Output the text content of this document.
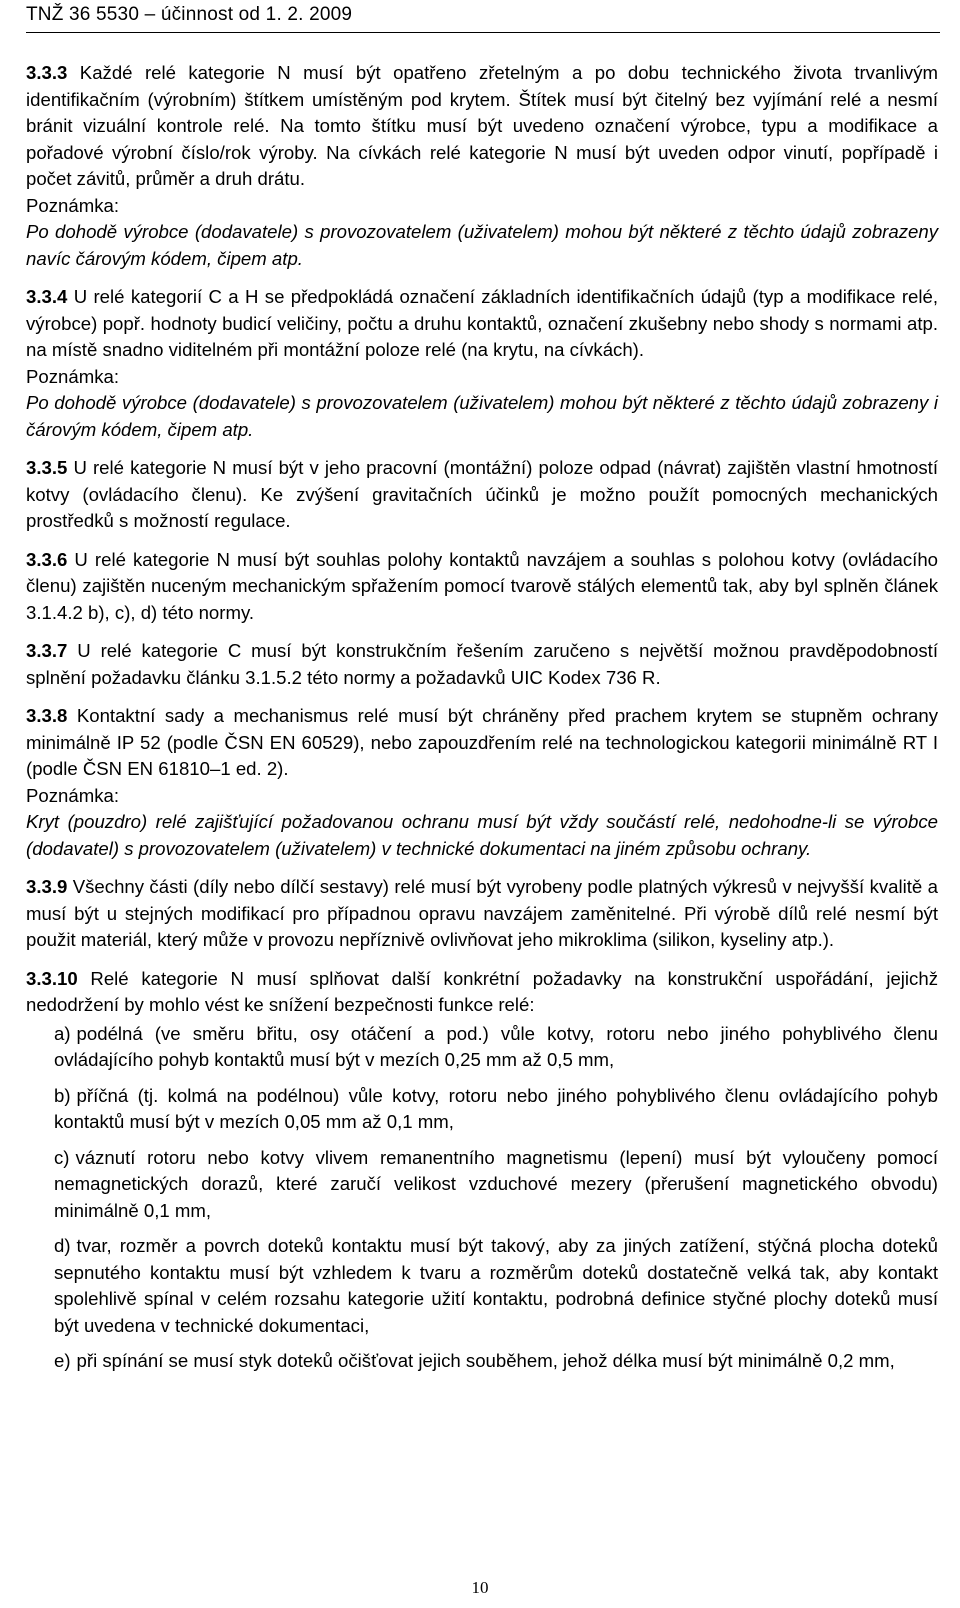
TNŽ 36 5530 – účinnost od 1. 2. 2009

3.3.3 Každé relé kategorie N musí být opatřeno zřetelným a po dobu technického života trvanlivým identifikačním (výrobním) štítkem umístěným pod krytem. Štítek musí být čitelný bez vyjímání relé a nesmí bránit vizuální kontrole relé. Na tomto štítku musí být uvedeno označení výrobce, typu a modifikace a pořadové výrobní číslo/rok výroby. Na cívkách relé kategorie N musí být uveden odpor vinutí, popřípadě i počet závitů, průměr a druh drátu.

Poznámka:

Po dohodě výrobce (dodavatele) s provozovatelem (uživatelem) mohou být některé z těchto údajů zobrazeny navíc čárovým kódem, čipem atp.

3.3.4 U relé kategorií C a H se předpokládá označení základních identifikačních údajů (typ a modifikace relé, výrobce) popř. hodnoty budicí veličiny, počtu a druhu kontaktů, označení zkušebny nebo shody s normami atp. na místě snadno viditelném při montážní poloze relé (na krytu, na cívkách).

Poznámka:

Po dohodě výrobce (dodavatele) s provozovatelem (uživatelem) mohou být některé z těchto údajů zobrazeny i čárovým kódem, čipem atp.

3.3.5 U relé kategorie N musí být v jeho pracovní (montážní) poloze odpad (návrat) zajištěn vlastní hmotností kotvy (ovládacího členu). Ke zvýšení gravitačních účinků je možno použít pomocných mechanických prostředků s možností regulace.

3.3.6 U relé kategorie N musí být souhlas polohy kontaktů navzájem a souhlas s polohou kotvy (ovládacího členu) zajištěn nuceným mechanickým spřažením pomocí tvarově stálých elementů tak, aby byl splněn článek 3.1.4.2 b), c), d) této normy.

3.3.7 U relé kategorie C musí být konstrukčním řešením zaručeno s největší možnou pravděpodobností splnění požadavku článku 3.1.5.2 této normy a požadavků UIC Kodex 736 R.

3.3.8 Kontaktní sady a mechanismus relé musí být chráněny před prachem krytem se stupněm ochrany minimálně IP 52 (podle ČSN EN 60529), nebo zapouzdřením relé na technologickou kategorii minimálně RT I (podle ČSN EN 61810–1 ed. 2).

Poznámka:

Kryt (pouzdro) relé zajišťující požadovanou ochranu musí být vždy součástí relé, nedohodne-li se výrobce (dodavatel) s provozovatelem (uživatelem) v technické dokumentaci na jiném způsobu ochrany.

3.3.9 Všechny části (díly nebo dílčí sestavy) relé musí být vyrobeny podle platných výkresů v nejvyšší kvalitě a musí být u stejných modifikací pro případnou opravu navzájem zaměnitelné. Při výrobě dílů relé nesmí být použit materiál, který může v provozu nepříznivě ovlivňovat jeho mikroklima (silikon, kyseliny atp.).

3.3.10 Relé kategorie N musí splňovat další konkrétní požadavky na konstrukční uspořádání, jejichž nedodržení by mohlo vést ke snížení bezpečnosti funkce relé:

a) podélná (ve směru břitu, osy otáčení a pod.) vůle kotvy, rotoru nebo jiného pohyblivého členu ovládajícího pohyb kontaktů musí být v mezích 0,25 mm až 0,5 mm,
b) příčná (tj. kolmá na podélnou) vůle kotvy, rotoru nebo jiného pohyblivého členu ovládajícího pohyb kontaktů musí být v mezích 0,05 mm až 0,1 mm,
c) váznutí rotoru nebo kotvy vlivem remanentního magnetismu (lepení) musí být vyloučeny pomocí nemagnetických dorazů, které zaručí velikost vzduchové mezery (přerušení magnetického obvodu) minimálně 0,1 mm,
d) tvar, rozměr a povrch doteků kontaktu musí být takový, aby za jiných zatížení, stýčná plocha doteků sepnutého kontaktu musí být vzhledem k tvaru a rozměrům doteků dostatečně velká tak, aby kontakt spolehlivě spínal v celém rozsahu kategorie užití kontaktu, podrobná definice styčné plochy doteků musí být uvedena v technické dokumentaci,
e) při spínání se musí styk doteků očišťovat jejich souběhem, jehož délka musí být minimálně 0,2 mm,
10
